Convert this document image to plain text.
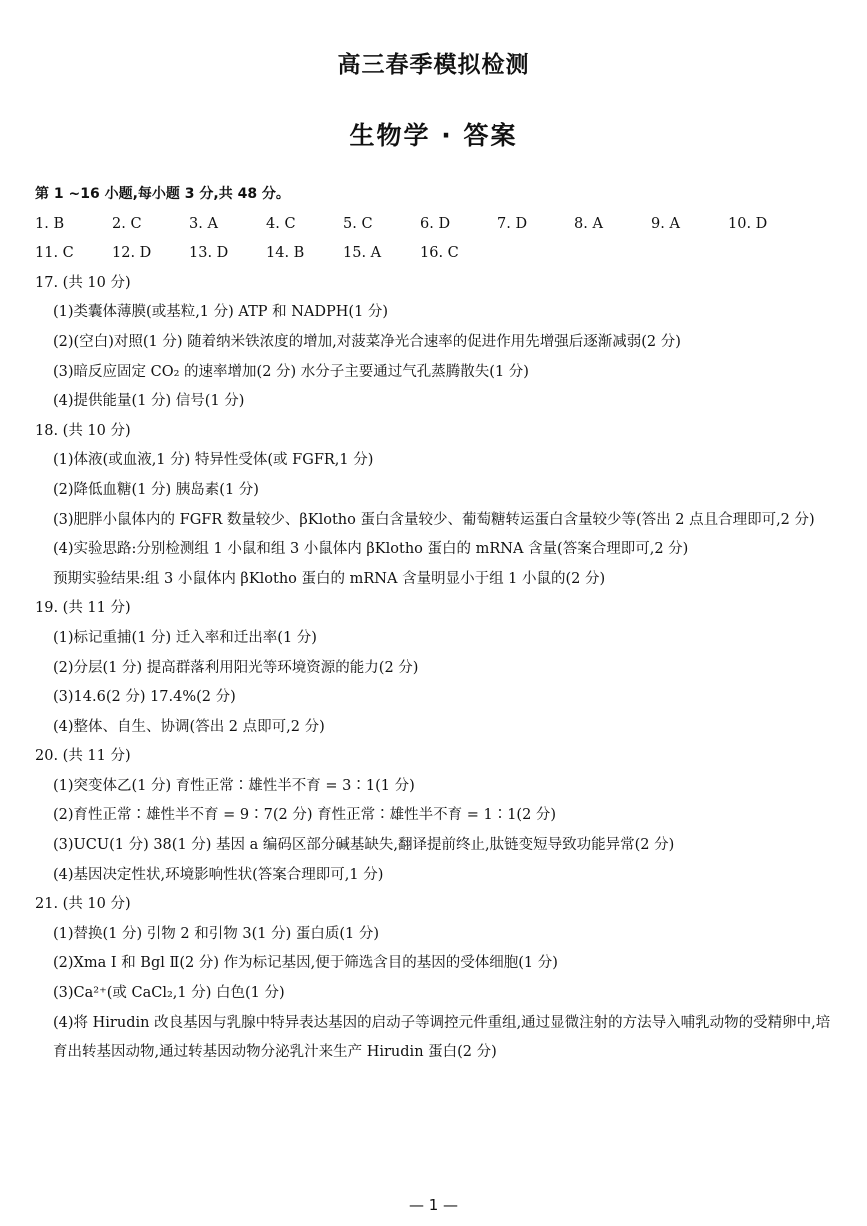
高三春季模拟检测
生物学 · 答案
第 1 ~16 小题,每小题 3 分,共 48 分。
1. B	2. C	3. A	4. C	5. C	6. D	7. D	8. A	9. A	10. D
11. C	12. D	13. D	14. B	15. A	16. C
17. (共 10 分)
(1)类囊体薄膜(或基粒,1 分) ATP 和 NADPH(1 分)
(2)(空白)对照(1 分) 随着纳米铁浓度的增加,对菠菜净光合速率的促进作用先增强后逐渐减弱(2 分)
(3)暗反应固定 CO₂ 的速率增加(2 分) 水分子主要通过气孔蒸腾散失(1 分)
(4)提供能量(1 分) 信号(1 分)
18. (共 10 分)
(1)体液(或血液,1 分) 特异性受体(或 FGFR,1 分)
(2)降低血糖(1 分) 胰岛素(1 分)
(3)肥胖小鼠体内的 FGFR 数量较少、βKlotho 蛋白含量较少、葡萄糖转运蛋白含量较少等(答出 2 点且合理即可,2 分)
(4)实验思路:分别检测组 1 小鼠和组 3 小鼠体内 βKlotho 蛋白的 mRNA 含量(答案合理即可,2 分)
预期实验结果:组 3 小鼠体内 βKlotho 蛋白的 mRNA 含量明显小于组 1 小鼠的(2 分)
19. (共 11 分)
(1)标记重捕(1 分) 迁入率和迁出率(1 分)
(2)分层(1 分) 提高群落利用阳光等环境资源的能力(2 分)
(3)14.6(2 分) 17.4%(2 分)
(4)整体、自生、协调(答出 2 点即可,2 分)
20. (共 11 分)
(1)突变体乙(1 分) 育性正常∶雄性半不育 = 3∶1(1 分)
(2)育性正常∶雄性半不育 = 9∶7(2 分) 育性正常∶雄性半不育 = 1∶1(2 分)
(3)UCU(1 分) 38(1 分) 基因 a 编码区部分碱基缺失,翻译提前终止,肽链变短导致功能异常(2 分)
(4)基因决定性状,环境影响性状(答案合理即可,1 分)
21. (共 10 分)
(1)替换(1 分) 引物 2 和引物 3(1 分) 蛋白质(1 分)
(2)Xma Ⅰ 和 Bgl Ⅱ(2 分) 作为标记基因,便于筛选含目的基因的受体细胞(1 分)
(3)Ca²⁺(或 CaCl₂,1 分) 白色(1 分)
(4)将 Hirudin 改良基因与乳腺中特异表达基因的启动子等调控元件重组,通过显微注射的方法导入哺乳动物的受精卵中,培育出转基因动物,通过转基因动物分泌乳汁来生产 Hirudin 蛋白(2 分)
— 1 —
